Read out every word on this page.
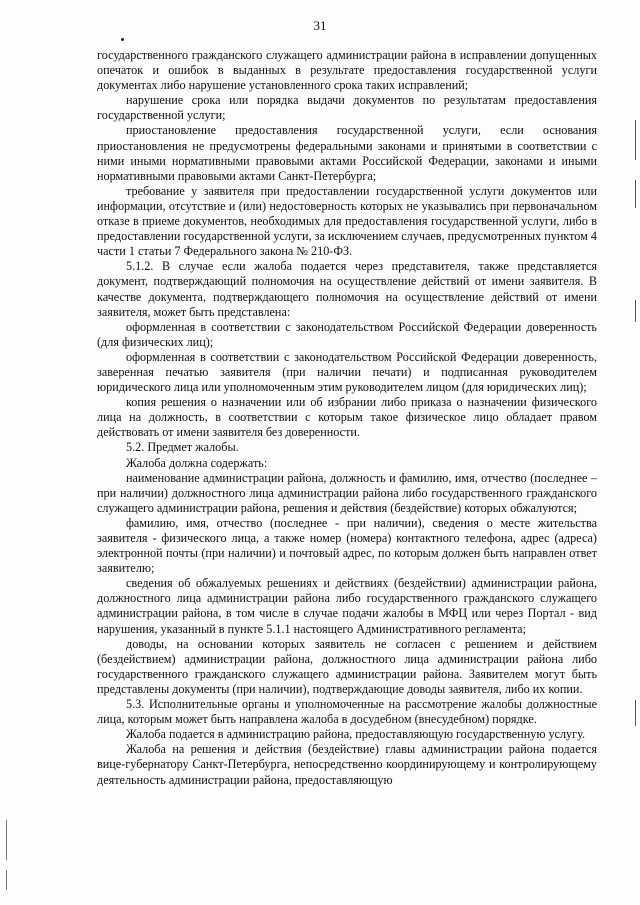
31

государственного гражданского служащего администрации района в исправлении допущенных опечаток и ошибок в выданных в результате предоставления государственной услуги документах либо нарушение установленного срока таких исправлений;

нарушение срока или порядка выдачи документов по результатам предоставления государственной услуги;

приостановление предоставления государственной услуги, если основания приостановления не предусмотрены федеральными законами и принятыми в соответствии с ними иными нормативными правовыми актами Российской Федерации, законами и иными нормативными правовыми актами Санкт-Петербурга;

требование у заявителя при предоставлении государственной услуги документов или информации, отсутствие и (или) недостоверность которых не указывались при первоначальном отказе в приеме документов, необходимых для предоставления государственной услуги, либо в предоставлении государственной услуги, за исключением случаев, предусмотренных пунктом 4 части 1 статьи 7 Федерального закона № 210-ФЗ.

5.1.2. В случае если жалоба подается через представителя, также представляется документ, подтверждающий полномочия на осуществление действий от имени заявителя. В качестве документа, подтверждающего полномочия на осуществление действий от имени заявителя, может быть представлена:

оформленная в соответствии с законодательством Российской Федерации доверенность (для физических лиц);

оформленная в соответствии с законодательством Российской Федерации доверенность, заверенная печатью заявителя (при наличии печати) и подписанная руководителем юридического лица или уполномоченным этим руководителем лицом (для юридических лиц);

копия решения о назначении или об избрании либо приказа о назначении физического лица на должность, в соответствии с которым такое физическое лицо обладает правом действовать от имени заявителя без доверенности.

5.2. Предмет жалобы.

Жалоба должна содержать:

наименование администрации района, должность и фамилию, имя, отчество (последнее – при наличии) должностного лица администрации района либо государственного гражданского служащего администрации района, решения и действия (бездействие) которых обжалуются;

фамилию, имя, отчество (последнее - при наличии), сведения о месте жительства заявителя - физического лица, а также номер (номера) контактного телефона, адрес (адреса) электронной почты (при наличии) и почтовый адрес, по которым должен быть направлен ответ заявителю;

сведения об обжалуемых решениях и действиях (бездействии) администрации района, должностного лица администрации района либо государственного гражданского служащего администрации района, в том числе в случае подачи жалобы в МФЦ или через Портал - вид нарушения, указанный в пункте 5.1.1 настоящего Административного регламента;

доводы, на основании которых заявитель не согласен с решением и действием (бездействием) администрации района, должностного лица администрации района либо государственного гражданского служащего администрации района. Заявителем могут быть представлены документы (при наличии), подтверждающие доводы заявителя, либо их копии.

5.3. Исполнительные органы и уполномоченные на рассмотрение жалобы должностные лица, которым может быть направлена жалоба в досудебном (внесудебном) порядке.

Жалоба подается в администрацию района, предоставляющую государственную услугу.

Жалоба на решения и действия (бездействие) главы администрации района подается вице-губернатору Санкт-Петербурга, непосредственно координирующему и контролирующему деятельность администрации района, предоставляющую
